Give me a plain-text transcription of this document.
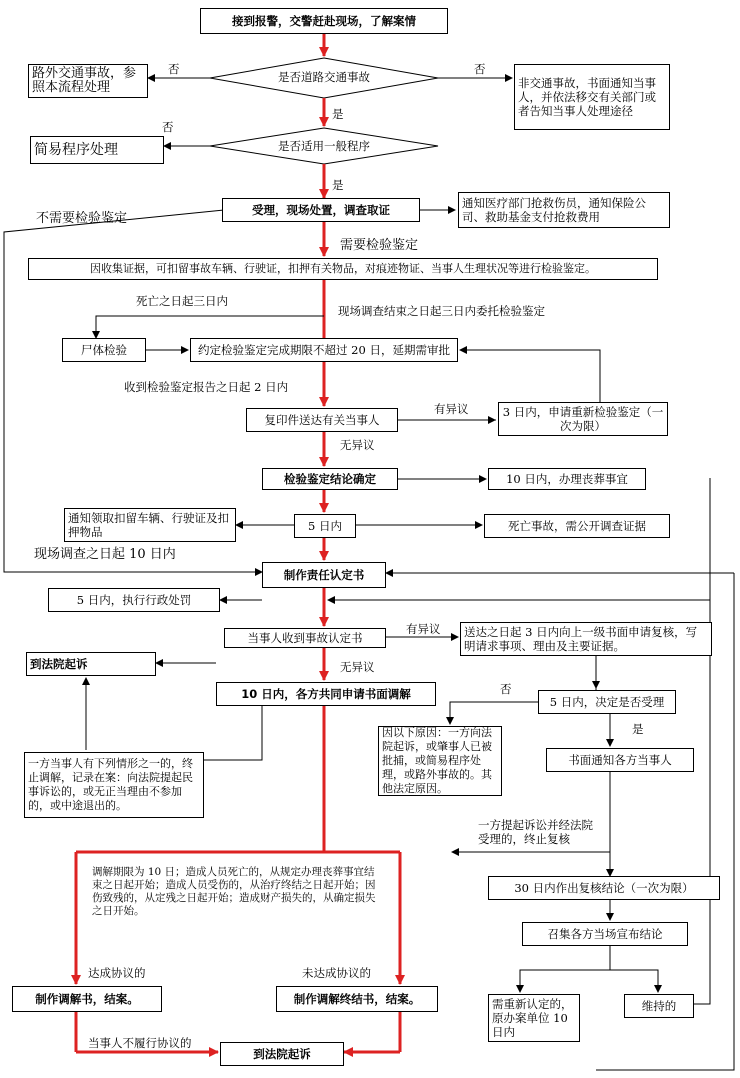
接到报警，交警赶赴现场，了解案情
是否道路交通事故
路外交通事故，参照本流程处理	非交通事故，书面通知当事人，并依法移交有关部门或者告知当事人处理途径
是否适用一般程序
简易程序处理
受理，现场处置，调查取证	通知医疗部门抢救伤员，通知保险公司、救助基金支付抢救费用
因收集证据，可扣留事故车辆、行驶证，扣押有关物品，对痕迹物证、当事人生理状况等进行检验鉴定。
尸体检验	约定检验鉴定完成期限不超过 20 日，延期需审批
复印件送达有关当事人
3 日内，申请重新检验鉴定（一次为限）
检验鉴定结论确定	10 日内，办理丧葬事宜
通知领取扣留车辆、行驶证及扣押物品	5 日内	死亡事故，需公开调查证据
制作责任认定书
5 日内，执行行政处罚
当事人收到事故认定书	送达之日起 3 日内向上一级书面申请复核，写明请求事项、理由及主要证据。
到法院起诉
10 日内，各方共同申请书面调解
5 日内，决定是否受理
因以下原因：一方向法院起诉，或肇事人已被批捕，或简易程序处理，或路外事故的。其他法定原因。
一方当事人有下列情形之一的，终止调解，记录在案：向法院提起民事诉讼的，或无正当理由不参加的，或中途退出的。
书面通知各方当事人
调解期限为 10 日；造成人员死亡的，从规定办理丧葬事宜结束之日起开始；造成人员受伤的，从治疗终结之日起开始；因伤致残的，从定残之日起开始；造成财产损失的，从确定损失之日开始。
30 日内作出复核结论（一次为限）
召集各方当场宣布结论
制作调解书，结案。	制作调解终结书，结案。
到法院起诉
需重新认定的，原办案单位 10 日内
维持的
否	否
是
否
是
不需要检验鉴定
需要检验鉴定
死亡之日起三日内
现场调查结束之日起三日内委托检验鉴定
收到检验鉴定报告之日起 2 日内
有异议
无异议
现场调查之日起 10 日内
有异议
无异议
否
是
一方提起诉讼并经法院受理的，终止复核
达成协议的	未达成协议的
当事人不履行协议的
